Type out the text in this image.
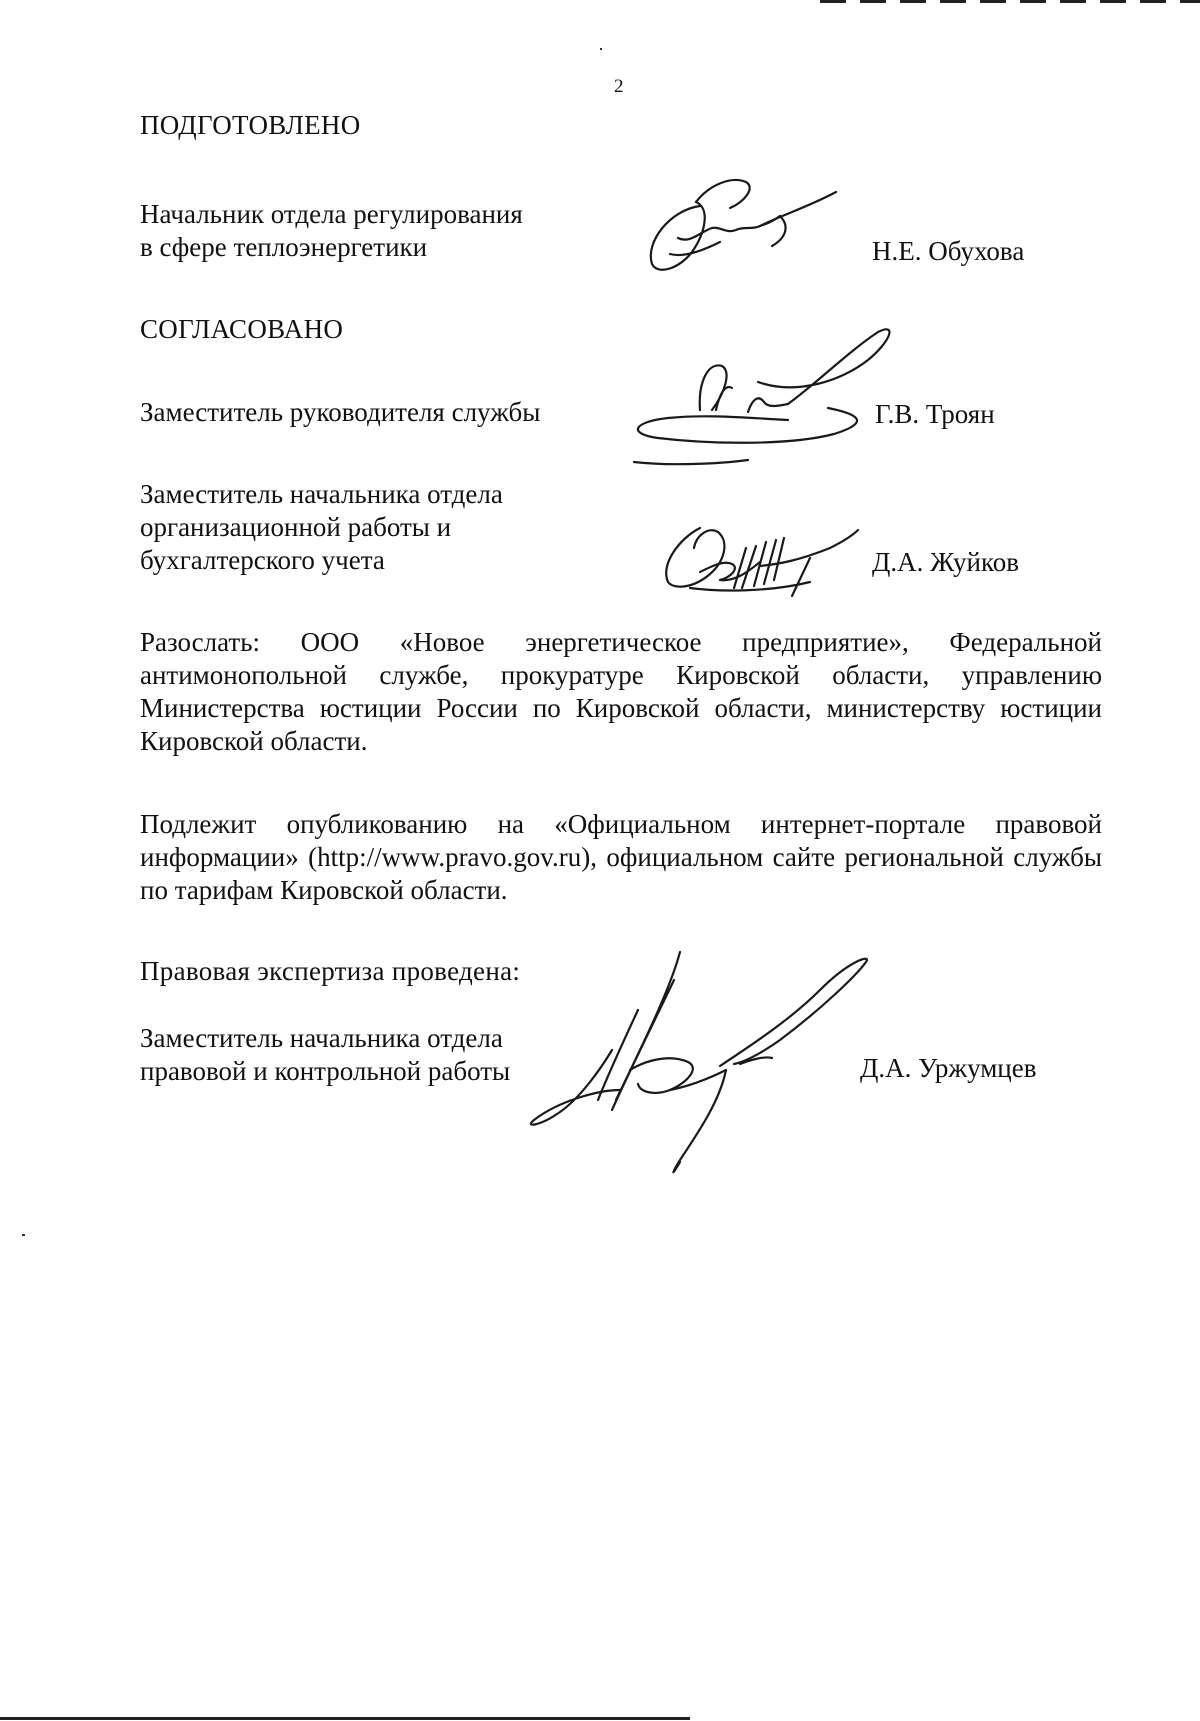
2
ПОДГОТОВЛЕНО
Начальник отдела регулирования
в сфере теплоэнергетики	Н.Е. Обухова
СОГЛАСОВАНО
Заместитель руководителя службы	Г.В. Троян
Заместитель начальника отдела
организационной работы и
бухгалтерского учета	Д.А. Жуйков

Разослать: ООО «Новое энергетическое предприятие», Федеральной антимонопольной службе, прокуратуре Кировской области, управлению Министерства юстиции России по Кировской области, министерству юстиции Кировской области.

Подлежит опубликованию на «Официальном интернет-портале правовой информации» (http://www.pravo.gov.ru), официальном сайте региональной службы по тарифам Кировской области.

Правовая экспертиза проведена:
Заместитель начальника отдела
правовой и контрольной работы	Д.А. Уржумцев
